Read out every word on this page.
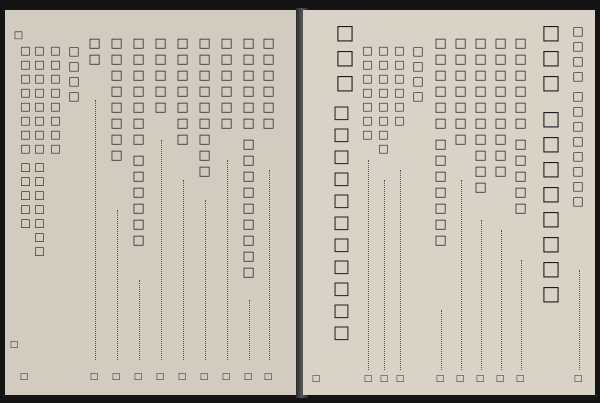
□	□□□□□□
□
□□□□□□ □□□□□□□□□
□
□□□□□□
□
□□□□□□□□□
□
□□□□□□□
□
□□□□□
□
□□□□□□□ □□□□□□
□
□□□□□□□□
□
□□
□
□□□□
□□□□□□□□
□□□□□□□□ □□□□□□□
□□□□□□□□ □□□□□
□
□
□□□□ □□□□□□□□
□
□□□
□□□□□□□□
□□□□□□ □□□□□
□
□□□□□□□□□
□
□□□□□□□□□□
□
□□□□□□□
□
□□□□□□ □□□□□□□
□
□□□□
□□□□□□
□
□□□□□□□□
□
□□□□□□□
□
□□□
□□□□□□□□□□□
□
